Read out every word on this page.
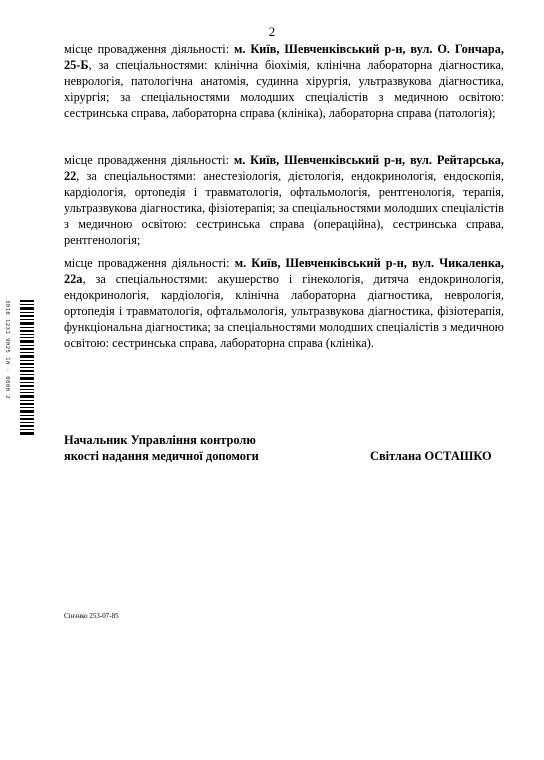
2
місце провадження діяльності: м. Київ, Шевченківський р-н, вул. О. Гончара, 25-Б, за спеціальностями: клінічна біохімія, клінічна лабораторна діагностика, неврологія, патологічна анатомія, судинна хірургія, ультразвукова діагностика, хірургія; за спеціальностями молодших спеціалістів з медичною освітою: сестринська справа, лабораторна справа (клініка), лабораторна справа (патологія);
місце провадження діяльності: м. Київ, Шевченківський р-н, вул. Рейтарська, 22, за спеціальностями: анестезіологія, дієтологія, ендокринологія, ендоскопія, кардіологія, ортопедія і травматологія, офтальмологія, рентгенологія, терапія, ультразвукова діагностика, фізіотерапія; за спеціальностями молодших спеціалістів з медичною освітою: сестринська справа (операційна), сестринська справа, рентгенологія;
місце провадження діяльності: м. Київ, Шевченківський р-н, вул. Чикаленка, 22а, за спеціальностями: акушерство і гінекологія, дитяча ендокринологія, ендокринологія, кардіологія, клінічна лабораторна діагностика, неврологія, ортопедія і травматологія, офтальмологія, ультразвукова діагностика, фізіотерапія, функціональна діагностика; за спеціальностями молодших спеціалістів з медичною освітою: сестринська справа, лабораторна справа (клініка).
Начальник Управління контролю
якості надання медичної допомоги	Світлана ОСТАШКО
Сінэнко 253-07-85
3010 1231 9025 10 · 0000 2
